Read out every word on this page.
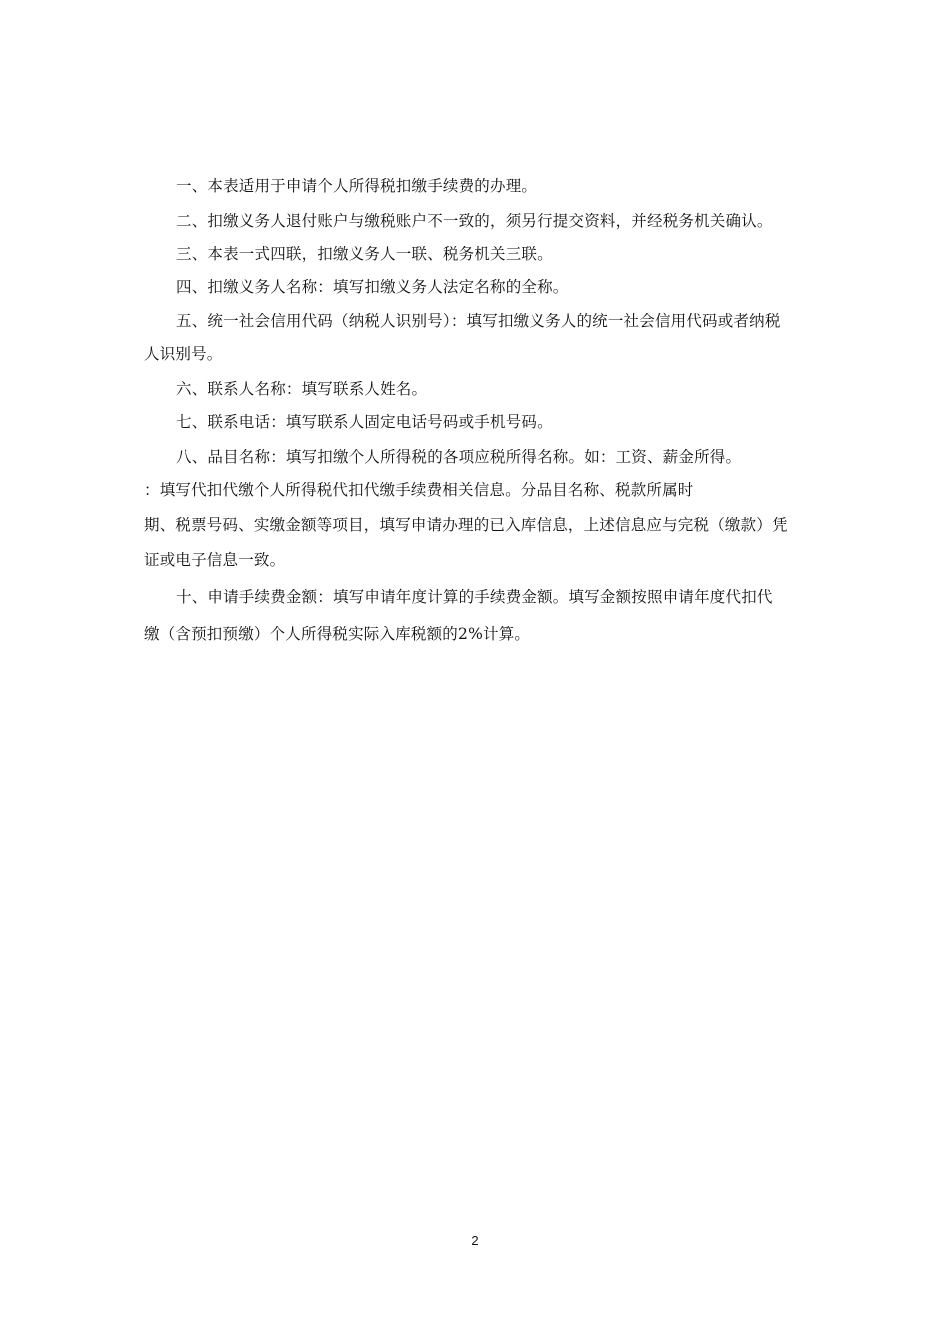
一、本表适用于申请个人所得税扣缴手续费的办理。
二、扣缴义务人退付账户与缴税账户不一致的，须另行提交资料，并经税务机关确认。
三、本表一式四联，扣缴义务人一联、税务机关三联。
四、扣缴义务人名称：填写扣缴义务人法定名称的全称。
五、统一社会信用代码（纳税人识别号）：填写扣缴义务人的统一社会信用代码或者纳税
人识别号。
六、联系人名称：填写联系人姓名。
七、联系电话：填写联系人固定电话号码或手机号码。
八、品目名称：填写扣缴个人所得税的各项应税所得名称。如：工资、薪金所得。
：填写代扣代缴个人所得税代扣代缴手续费相关信息。分品目名称、税款所属时
期、税票号码、实缴金额等项目，填写申请办理的已入库信息，上述信息应与完税（缴款）凭
证或电子信息一致。
十、申请手续费金额：填写申请年度计算的手续费金额。填写金额按照申请年度代扣代
缴（含预扣预缴）个人所得税实际入库税额的2%计算。
2
